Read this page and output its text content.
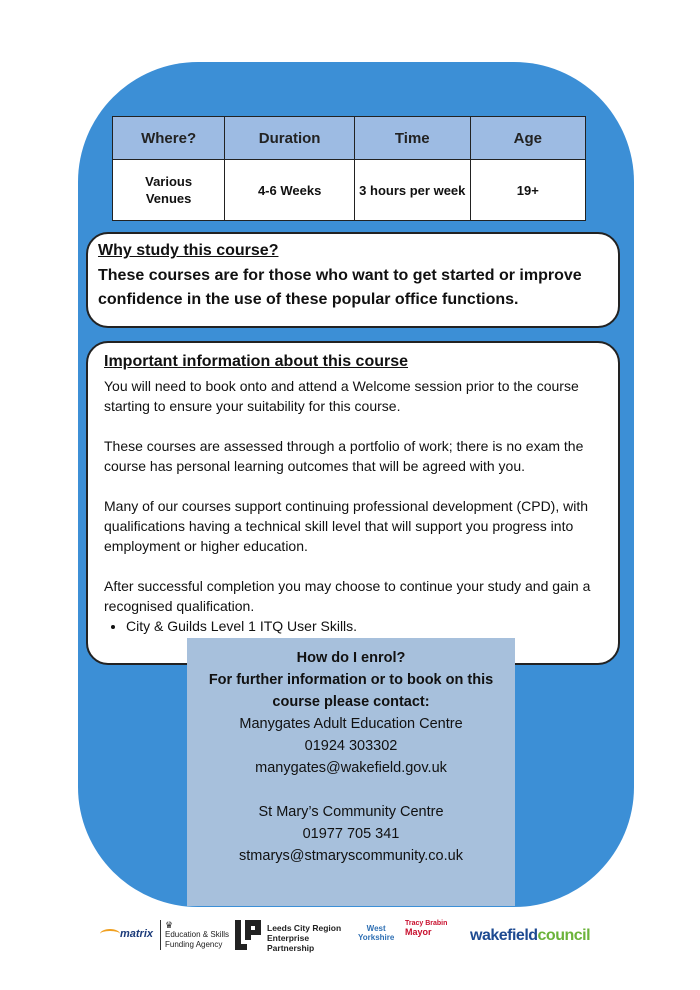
Where?	Duration	Time	Age

Various Venues	4-6 Weeks	3 hours per week	19+
Why study this course?
These courses are for those who want to get started or improve confidence in the use of these popular office functions.
Important information about this course

You will need to book onto and attend a Welcome session prior to the course starting to ensure your suitability for this course.

These courses are assessed through a portfolio of work; there is no exam the course has personal learning outcomes that will be agreed with you.

Many of our courses support continuing professional development (CPD), with qualifications having a technical skill level that will support you progress into employment or higher education.

After successful completion you may choose to continue your study and gain a recognised qualification.

• City & Guilds Level 1 ITQ User Skills.
How do I enrol?
For further information or to book on this course please contact:
Manygates Adult Education Centre
01924 303302
manygates@wakefield.gov.uk
St Mary’s Community Centre
01977 705 341
stmarys@stmaryscommunity.co.uk
matrix
♛
Education & Skills
Funding Agency
Leeds City Region
Enterprise
Partnership
West
Yorkshire
Tracy Brabin
Mayor	wakefieldcouncil
